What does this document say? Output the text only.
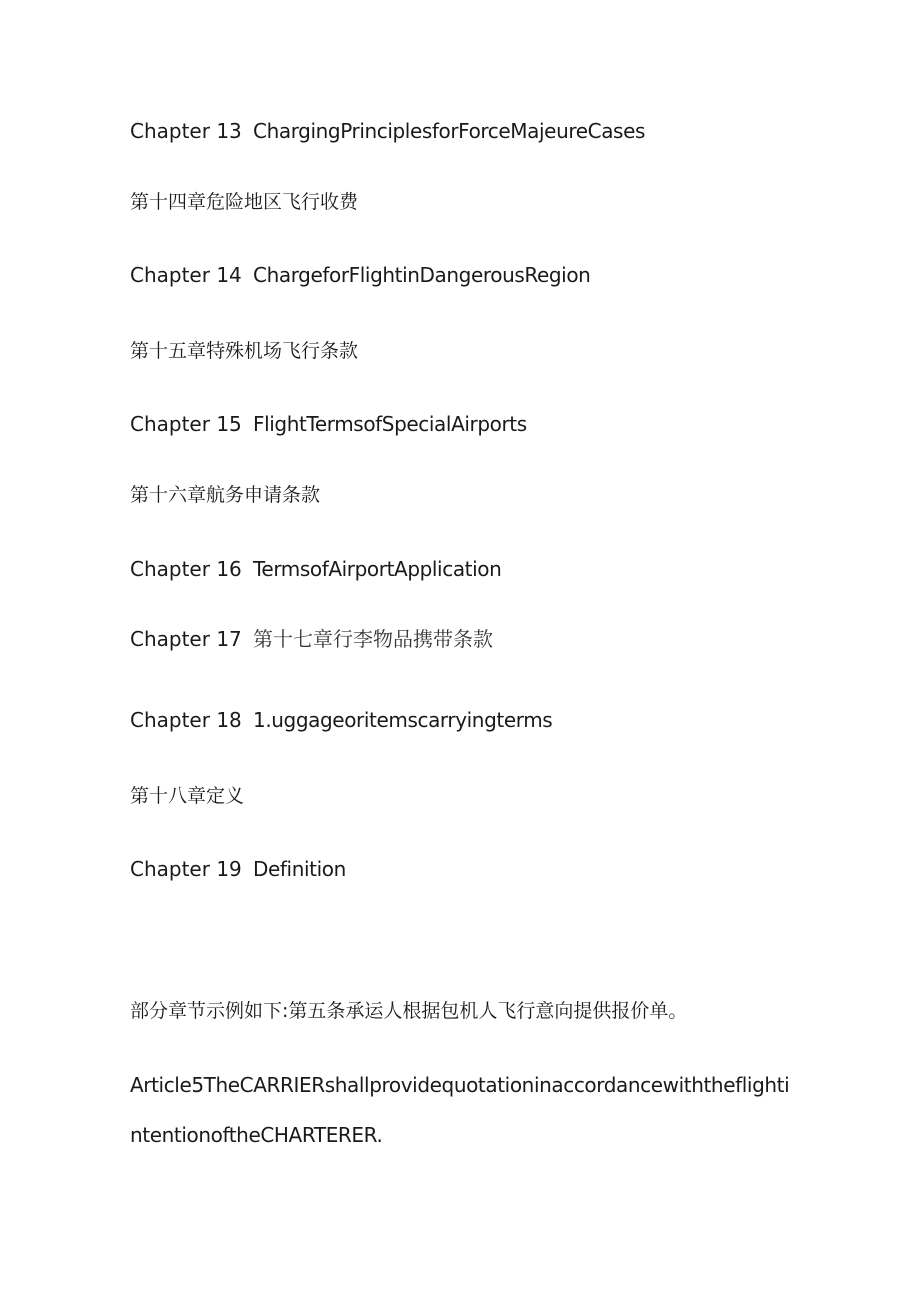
Chapter 13 ChargingPrinciplesforForceMajeureCases

第十四章危险地区飞行收费

Chapter 14 ChargeforFlightinDangerousRegion

第十五章特殊机场飞行条款

Chapter 15 FlightTermsofSpecialAirports

第十六章航务申请条款

Chapter 16 TermsofAirportApplication

Chapter 17 第十七章行李物品携带条款

Chapter 18 1.uggageoritemscarryingterms

第十八章定义

Chapter 19 Definition

部分章节示例如下:第五条承运人根据包机人飞行意向提供报价单。

Article5TheCARRIERshallprovidequotationinaccordancewiththeflightintentionoftheCHARTERER.
